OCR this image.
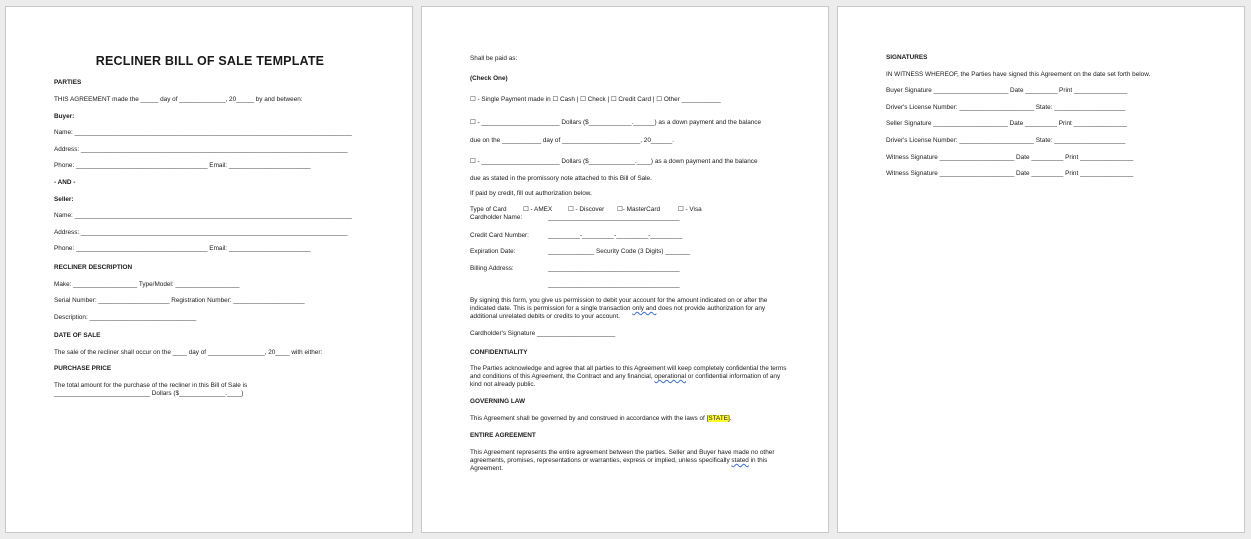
RECLINER BILL OF SALE TEMPLATE

PARTIES

THIS AGREEMENT made the _____ day of _____________, 20_____ by and between:

Buyer:

Name: ______________________________________________________________________________

Address: ___________________________________________________________________________

Phone: _____________________________________ Email: _______________________

- AND -

Seller:

Name: ______________________________________________________________________________

Address: ___________________________________________________________________________

Phone: _____________________________________ Email: _______________________

RECLINER DESCRIPTION

Make: __________________ Type/Model: __________________

Serial Number: ____________________ Registration Number: ____________________

Description: ______________________________

DATE OF SALE

The sale of the recliner shall occur on the ____ day of ________________, 20____ with either:

PURCHASE PRICE

The total amount for the purchase of the recliner in this Bill of Sale is

___________________________ Dollars ($_____________.____)

Shall be paid as:

(Check One)

☐ - Single Payment made in ☐ Cash | ☐ Check | ☐ Credit Card | ☐ Other ___________

☐ - ______________________ Dollars ($____________.______) as a down payment and the balance

due on the ___________ day of ______________________, 20______.

☐ - ______________________ Dollars ($_____________.____) as a down payment and the balance

due as stated in the promissory note attached to this Bill of Sale.

If paid by credit, fill out authorization below.

Type of Card	☐ - AMEX ☐ - Discover ☐- MasterCard	☐ - Visa

Cardholder Name:	_____________________________________

Credit Card Number:	_________-_________-_________-_________

Expiration Date:	_____________ Security Code (3 Digits) _______

Billing Address:	_____________________________________

_____________________________________

By signing this form, you give us permission to debit your account for the amount indicated on or after the indicated date. This is permission for a single transaction only and does not provide authorization for any additional unrelated debits or credits to your account.

Cardholder's Signature ______________________

CONFIDENTIALITY

The Parties acknowledge and agree that all parties to this Agreement will keep completely confidential the terms and conditions of this Agreement, the Contract and any financial, operational or confidential information of any kind not already public.

GOVERNING LAW

This Agreement shall be governed by and construed in accordance with the laws of [STATE].

ENTIRE AGREEMENT

This Agreement represents the entire agreement between the parties. Seller and Buyer have made no other agreements, promises, representations or warranties, express or implied, unless specifically stated in this Agreement.

SIGNATURES

IN WITNESS WHEREOF, the Parties have signed this Agreement on the date set forth below.

Buyer Signature _____________________ Date _________ Print _______________

Driver's License Number: _____________________ State: ____________________

Seller Signature _____________________ Date _________ Print _______________

Driver's License Number: _____________________ State: ____________________

Witness Signature _____________________ Date _________ Print _______________

Witness Signature _____________________ Date _________ Print _______________
